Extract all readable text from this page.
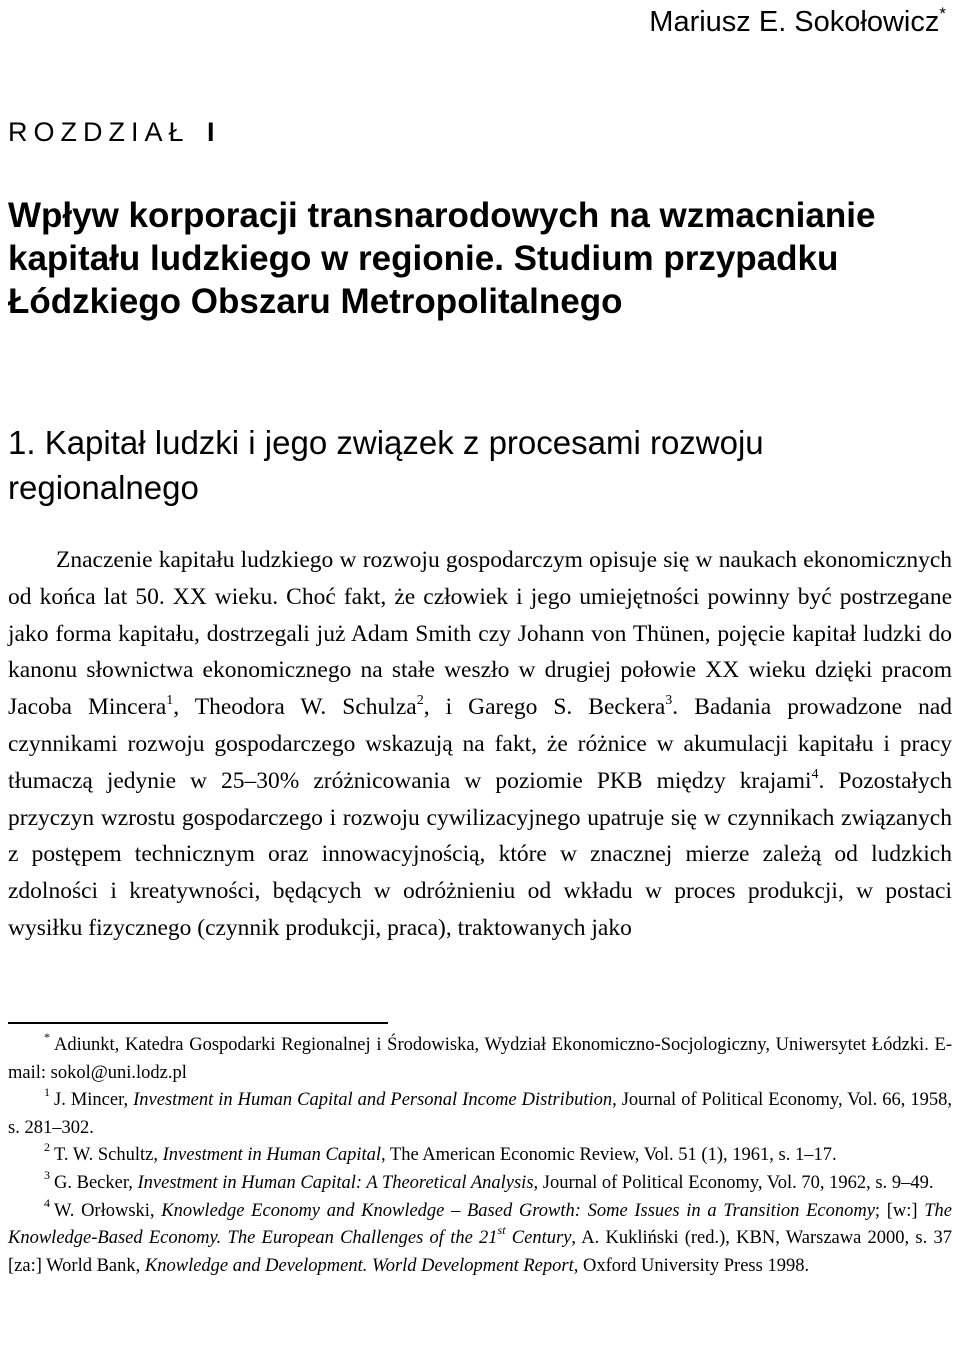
Mariusz E. Sokołowicz*
ROZDZIAŁ I
Wpływ korporacji transnarodowych na wzmacnianie kapitału ludzkiego w regionie. Studium przypadku Łódzkiego Obszaru Metropolitalnego
1. Kapitał ludzki i jego związek z procesami rozwoju regionalnego

Znaczenie kapitału ludzkiego w rozwoju gospodarczym opisuje się w naukach ekonomicznych od końca lat 50. XX wieku. Choć fakt, że człowiek i jego umiejętności powinny być postrzegane jako forma kapitału, dostrzegali już Adam Smith czy Johann von Thünen, pojęcie kapitał ludzki do kanonu słownictwa ekonomicznego na stałe weszło w drugiej połowie XX wieku dzięki pracom Jacoba Mincera$^1$, Theodora W. Schulza$^2$, i Garego S. Beckera$^3$. Badania prowadzone nad czynnikami rozwoju gospodarczego wskazują na fakt, że różnice w akumulacji kapitału i pracy tłumaczą jedynie w 25–30% zróżnicowania w poziomie PKB między krajami$^4$. Pozostałych przyczyn wzrostu gospodarczego i rozwoju cywilizacyjnego upatruje się w czynnikach związanych z postępem technicznym oraz innowacyjnością, które w znacznej mierze zależą od ludzkich zdolności i kreatywności, będących w odróżnieniu od wkładu w proces produkcji, w postaci wysiłku fizycznego (czynnik produkcji, praca), traktowanych jako

* Adiunkt, Katedra Gospodarki Regionalnej i Środowiska, Wydział Ekonomiczno-Socjologiczny, Uniwersytet Łódzki. E-mail: sokol@uni.lodz.pl

$^1$ J. Mincer, Investment in Human Capital and Personal Income Distribution, Journal of Political Economy, Vol. 66, 1958, s. 281–302.

$^2$ T. W. Schultz, Investment in Human Capital, The American Economic Review, Vol. 51 (1), 1961, s. 1–17.

$^3$ G. Becker, Investment in Human Capital: A Theoretical Analysis, Journal of Political Economy, Vol. 70, 1962, s. 9–49.

$^4$ W. Orłowski, Knowledge Economy and Knowledge – Based Growth: Some Issues in a Transition Economy; [w:] The Knowledge-Based Economy. The European Challenges of the 21st Century, A. Kukliński (red.), KBN, Warszawa 2000, s. 37 [za:] World Bank, Knowledge and Development. World Development Report, Oxford University Press 1998.
